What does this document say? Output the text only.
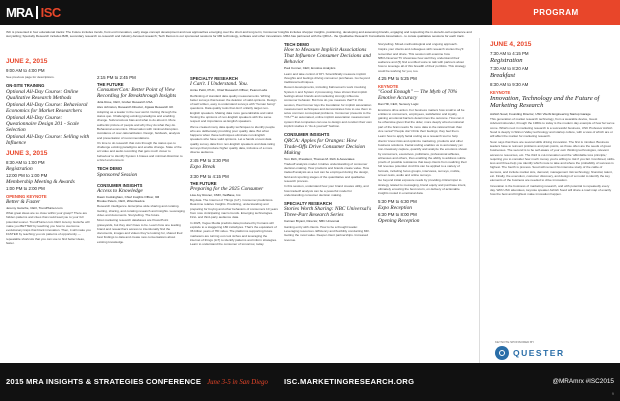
MRA ISC	PROGRAM
ISC is presented in four educational tracks: The Future includes trends, front end innovation, early stage concept development and new approaches emerging over the short and long term; Consumer Insights includes shopper insights, positioning, developing and assessing brands, engaging and respecting the in-store/in-cell experience and storytelling; Specialty Research includes B2B, secondary research co-research and industry-focused research; Tech Demos is our sponsored sessions for MR technology, software and other innovations. MRA has partnered with the QRCA - the Qualitative Research Consultants Association - to curate qualitative sessions for each track.
JUNE 2, 2015
9:00 AM to 4:00 PM
See previous page for descriptions.
ON-SITE TRAINING
Optional All-Day Course: Online Qualitative Research Methods
Optional All-Day Course: Behavioral Economics for Market Researchers
Optional All-Day Course: Questionnaire Design 201 - Scale Selection
Optional All-Day Course: Selling with Influence
JUNE 3, 2015
8:30 AM to 1:00 PM
Registration
12:00 PM to 1:00 PM
Membership Meeting & Awards
1:00 PM to 2:00 PM
OPENING KEYNOTE
Better & Faster
Jeremy Gutsche, CEO, TrendHunter.com
What great ideas are so close within your grasp? There are hidden patterns and clues that could lead you to your full potential sooner. TrendHunter.com CEO Jeremy Gutsche will make you BETTER by teaching you how to overcome evolutionary traps that block innovation. Then, it will make you FASTER by teaching you six patterns of opportunity — repeatable shortcuts that you can use to find better ideas, faster.
2:15 PM to 2:45 PM
THE FUTURE
ConsumerCon: Better Point of View Recording for Breakthrough Insights
Julia Rose, CEO, Gruber Research USA
Alex Johnston, Research Director, Jigsaw Research UK
Adopting as a leader in the new world. Cutting through the status quo. Challenging existing paradigms and enabling change. Subconscious bias and what to do about it. More authentic picture of people and why they do what they do. Behavioral economics. Observation with minimal disruption. Avoidance of over-rationalization. Design, fieldwork, analysis and presentation of recommendations.
It's time to do research that cuts through the status quo to challenge existing paradigms and enable change. State of the art video and audio recording that gets much closer to behaviour to identify System 1 biases and minimal distortion to a brief environment.
TECH DEMO
Sponsored Session
CONSUMER INSIGHTS
Access to Knowledge
Dawn Cockingham, Chief Insights Officer, 3M
Brooke Peters, CEO, 2Rev/Gavica
Research intelligence. Enterprise wide sharing and curating. Getting, sharing, and curating research and insights. Leveraging video and documents. Storytelling. The future.
Most marketing research databases are PowerPoint graveyards, but they don't have to be. Learn how one leading brand and researchers access to intentionally find the documents, images and videos they're looking for, shared their best findings to data and create new conversations about existing knowledge.
SPECIALTY RESEARCH
I Can't. I Understand. You.
Annie Pettit, Ph.D., Chief Research Officer, Peanut Labs
Rethinking of standard data quality measurements. Writing better surveys that lessen the deletion of valid opinions. Design of well written, easy to understand surveys with "human being" questions. Data quality tools that don't unfairly target non-English speakers. Making data more generalizable and valid. Testing the opinions of non-English speakers with the same respect and importance as English speakers.
We've created many data quality techniques to identify people who are deliberately providing poor quality data. But what happens when these techniques eliminate non-English speakers who have valid opinions. Let a hands on-test data quality survey data from non-English speakers and data rating surveys that produce higher quality data, inclusive of a more diverse audience.
2:45 PM to 3:30 PM
Expo Break
3:30 PM to 4:15 PM
THE FUTURE
Preparing for the 2025 Consumer
Lisa Joy Rosner, CMO, NetBase, Inc.
Big data. The Internet of Things (IoT). Consumer predictions. Real-time relative Insights. Predicting, understanding and preparing for buying and other behaviors of consumers 10 years from now. Anticipating macro trends. Emerging technologies. First- and third-party audience data.
In 2025, Vogue Media predicts data produced by humans will explode to a staggering 180 zettabytes. That's the equivalent of 36 billion years of HD video. The platforms supporting future marketers are turning out cool niches and leveraging the internet of things (IoT) to identify patterns and inform strategies. Learn to understand the consumer of tomorrow, today.
TECH DEMO
How to Measure Implicit Associations That Influence Consumer Decisions and Behavior
Paul Conner, CEO, Emotive Analytics
Learn and take control of DIY. Scientifically measure implicit thoughts and feelings driving consumer purchases. Go beyond traditional techniques.
Recent developments, including Kahneman's work involving System 1 and System 2 processing, have shown that implicit feelings about brands and marketing strongly influence consumer behavior. But how do you measure that? In this session, Paul Conner lays the foundation for implicit association measurement techniques and demonstrates how to use them to solve common conceptual problems. Consumer presents to the YOU™ an automated, online implicit association measurement system that companies can use to design and conduct their own implicit studies in "do-it-yourself" fashion.
CONSUMER INSIGHTS
QRCA: Apples for Oranges: How Trade-Offs Drive Consumer Decision Making
Tom Rich, President, Thomas M. Rich & Associates
Tradeoff analysis model. Intuitive understanding of consumer decision-making. How products and brands create value. How tradeoff analysis as a tool can be employed during the design, field and reporting stages of the quantitative and qualitative research process.
In this session, understand how your brand creates utility, and how tradeoff analysis can be a powerful model for understanding consumer decision making.
SPECIALTY RESEARCH
Stories Worth Sharing: NBC Universal's Three-Part Research Series
Carmen Bryant, Director, NBC Universal
Gaining entry with clients. How to be a thought leader. Leveraging resources. Efficiency and flexibility conducting MR. Getting the most value. Deeper client partnerships. Increased revenue.
Storytelling. Mixed-methodological and ongoing approach.
Inspire your clients and colleagues with research stories they'll remember and share. This session will examine how NBCUniversal TV showcase how well they understand their audience and (5) find a unified voice to talk with partners about how to leverage all of this breadth of their portfolio. This strategy could be working for you, too.
4:25 PM to 5:25 PM
KEYNOTE
"Good Enough" — The Myth of 70% Emotive Accuracy
Dan Hill, CEO, Sensory Logic
Emotions drive action. For business matters how small to all be entities to consumers, employees, satisfaction and loyalty, gaining emotional barriers determines the outcome. How can it be otherwise given that the older, more deeply wired emotional part of the brain reacts 5x more data to the rational brain than vice versa? People don't think their feelings; they feel them.
Learn how to apply facial coding as a research tool to help clients' know risks and optimize marketing, products and other business solutions. Facial coding enables us to accurately yet non-invasively capture, quantify and analyze the emotions shown by consumers, executives, politicians, professional athletes, witnesses and others, thus enabling the ability to address subtle proofs of possible resistance that keep clients from realizing their full revenue potential. And this can be applied to a variety of formats, including focus groups, interviews, surveys, mobile, screen tests, audio and online surveys.
Go beyond initial exposure reads by providing critical input to strategy related to messaging, brand equity and purchase intent, ultimately ensuring the best return, on delivery of actionable insights rooted in emotional data.
5:30 PM to 6:30 PM
Expo Reception
6:30 PM to 8:00 PM
Opening Reception
JUNE 4, 2015
7:30 AM to 4:15 PM
Registration
7:30 AM to 8:20 AM
Breakfast
8:30 AM to 9:30 AM
KEYNOTE
Innovation, Technology and the Future of Marketing Research
Ashish Sood, Founding Director, USC Viterbi Engineering Startup Garage
This generation of market research technology, from a wearable device, Guest Advisor/cofounder, through the 1960s to today is the modern day example of how far we've come. What's next in marketing research is a successful business, USC Professor Ashish Sood is deeply in Silicon Valley technology and startup culture, with a view of which are or will affect the market for marketing research.
Soon says that there are several skills driving innovation. The first is mindset. Business leaders have to reinvent problems and pain points, as those often are the seeds of great businesses. The second is to be self-aware of your own thinking technologies, relevant access to resources, etc. The third is cut-innovation and the 'affordable loss principle,' requiring you to consider how much money you're willing to risk if you fail. Combined, skills-less and three-help you identify which route to take and where the probability of success is highest. The fourth is process. Sood will recount his intensive study of the cattle of success, and include market size, demand, management risk technology, financial, talent, etc. Finally, the execution, customer discovery, and design of a model to identify the key elements of the business are needed to drive innovation.
Innovation is the business of marketing research, and with potential to repeatedly every day. With USC attendees, keynote speaker Ashish Sood will share a road map of exactly how the best and brightest make innovation happen.
KEYNOTE SPONSORED BY
QUESTER
2015 MRA INSIGHTS & STRATEGIES CONFERENCE June 3-5 in San Diego ISC.MARKETINGRESEARCH.ORG	@MRAmrx #ISC2015
9
